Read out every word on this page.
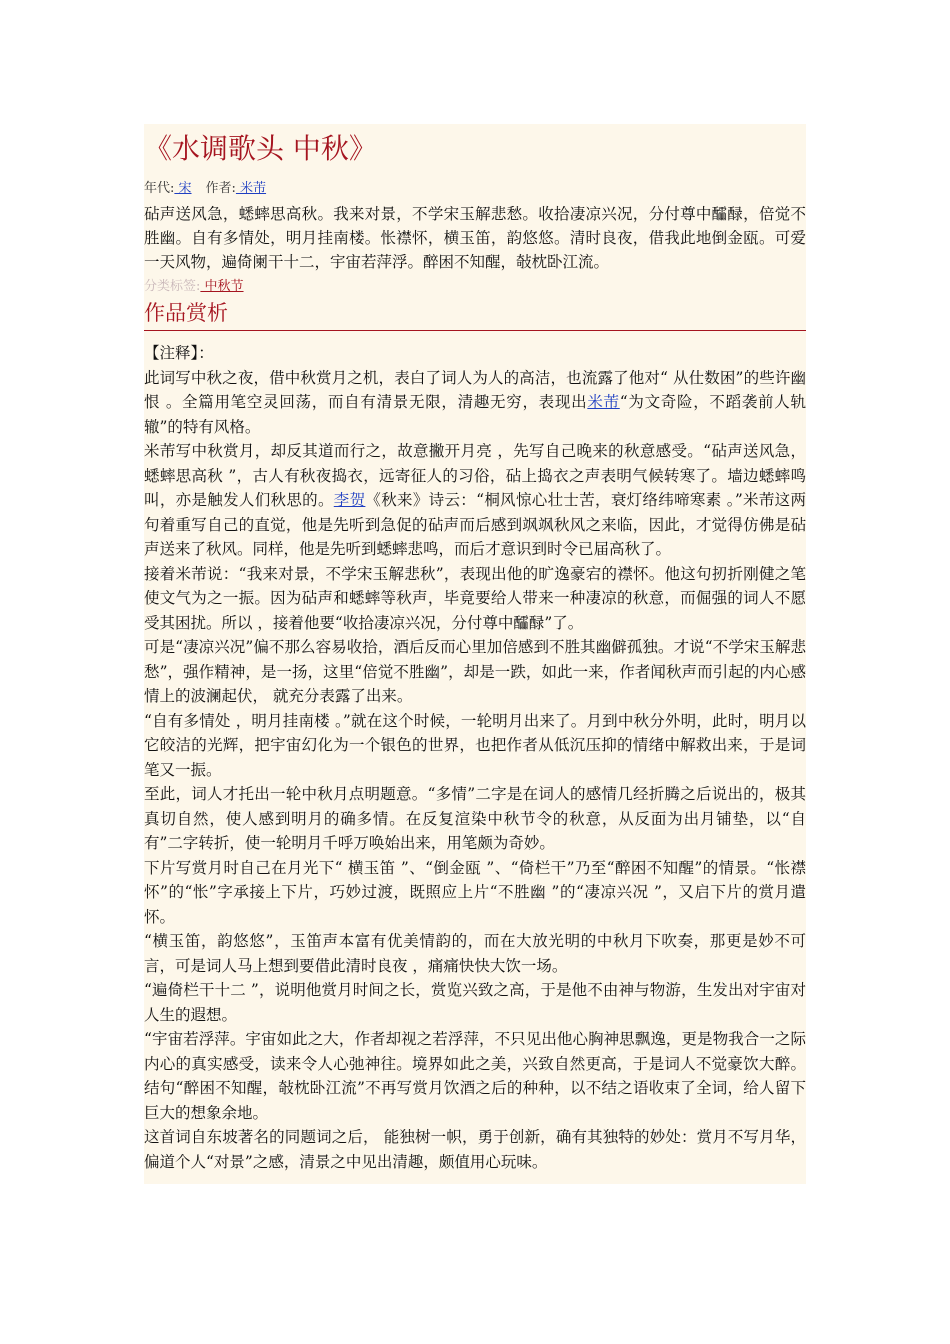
《水调歌头 中秋》
年代: 宋 作者: 米芾
砧声送风急，蟋蟀思高秋。我来对景，不学宋玉解悲愁。收拾凄凉兴况，分付尊中醽醁，倍觉不胜幽。自有多情处，明月挂南楼。怅襟怀，横玉笛，韵悠悠。清时良夜，借我此地倒金瓯。可爱一天风物，遍倚阑干十二，宇宙若萍浮。醉困不知醒，敧枕卧江流。
分类标签: 中秋节
作品赏析

【注释】：

此词写中秋之夜，借中秋赏月之机，表白了词人为人的高洁，也流露了他对“ 从仕数困”的些许幽恨 。全篇用笔空灵回荡，而自有清景无限，清趣无穷，表现出米芾“为文奇险，不蹈袭前人轨辙”的特有风格。

米芾写中秋赏月，却反其道而行之，故意撇开月亮 ，先写自己晚来的秋意感受。“砧声送风急，蟋蟀思高秋 ”，古人有秋夜捣衣，远寄征人的习俗，砧上捣衣之声表明气候转寒了。墙边蟋蟀鸣叫，亦是触发人们秋思的。李贺《秋来》诗云：“桐风惊心壮士苦，衰灯络纬啼寒素 。”米芾这两句着重写自己的直觉，他是先听到急促的砧声而后感到飒飒秋风之来临，因此，才觉得仿佛是砧声送来了秋风。同样，他是先听到蟋蟀悲鸣，而后才意识到时令已届高秋了。

接着米芾说：“我来对景，不学宋玉解悲秋”，表现出他的旷逸豪宕的襟怀。他这句扨折刚健之笔使文气为之一振。因为砧声和蟋蟀等秋声，毕竟要给人带来一种凄凉的秋意，而倔强的词人不愿受其困扰。所以 ，接着他要“收拾凄凉兴况，分付尊中醽醁”了。

可是“凄凉兴况”偏不那么容易收拾，酒后反而心里加倍感到不胜其幽僻孤独。才说“不学宋玉解悲愁”，强作精神，是一扬，这里“倍觉不胜幽”，却是一跌，如此一来，作者闻秋声而引起的内心感情上的波澜起伏， 就充分表露了出来。

“自有多情处 ，明月挂南楼 。”就在这个时候，一轮明月出来了。月到中秋分外明，此时，明月以它皎洁的光辉，把宇宙幻化为一个银色的世界，也把作者从低沉压抑的情绪中解救出来，于是词笔又一振。

至此，词人才托出一轮中秋月点明题意。“多情”二字是在词人的感情几经折腾之后说出的，极其真切自然，使人感到明月的确多情。在反复渲染中秋节令的秋意，从反面为出月铺垫，以“自有”二字转折，使一轮明月千呼万唤始出来，用笔颇为奇妙。

下片写赏月时自己在月光下“ 横玉笛 ”、“倒金瓯 ”、“倚栏干”乃至“醉困不知醒”的情景。“怅襟怀”的“怅”字承接上下片，巧妙过渡，既照应上片“不胜幽 ”的“凄凉兴况 ”，又启下片的赏月遣怀。

“横玉笛，韵悠悠”，玉笛声本富有优美情韵的，而在大放光明的中秋月下吹奏，那更是妙不可言，可是词人马上想到要借此清时良夜 ，痛痛快快大饮一场。

“遍倚栏干十二 ”，说明他赏月时间之长，赏览兴致之高，于是他不由神与物游，生发出对宇宙对人生的遐想。

“宇宙若浮萍。宇宙如此之大，作者却视之若浮萍，不只见出他心胸神思飘逸，更是物我合一之际内心的真实感受，读来令人心弛神往。境界如此之美，兴致自然更高，于是词人不觉豪饮大醉。结句“醉困不知醒，敧枕卧江流”不再写赏月饮酒之后的种种，以不结之语收束了全词，给人留下巨大的想象余地。

这首词自东坡著名的同题词之后， 能独树一帜，勇于创新，确有其独特的妙处：赏月不写月华，偏道个人“对景”之感，清景之中见出清趣，颇值用心玩味。
